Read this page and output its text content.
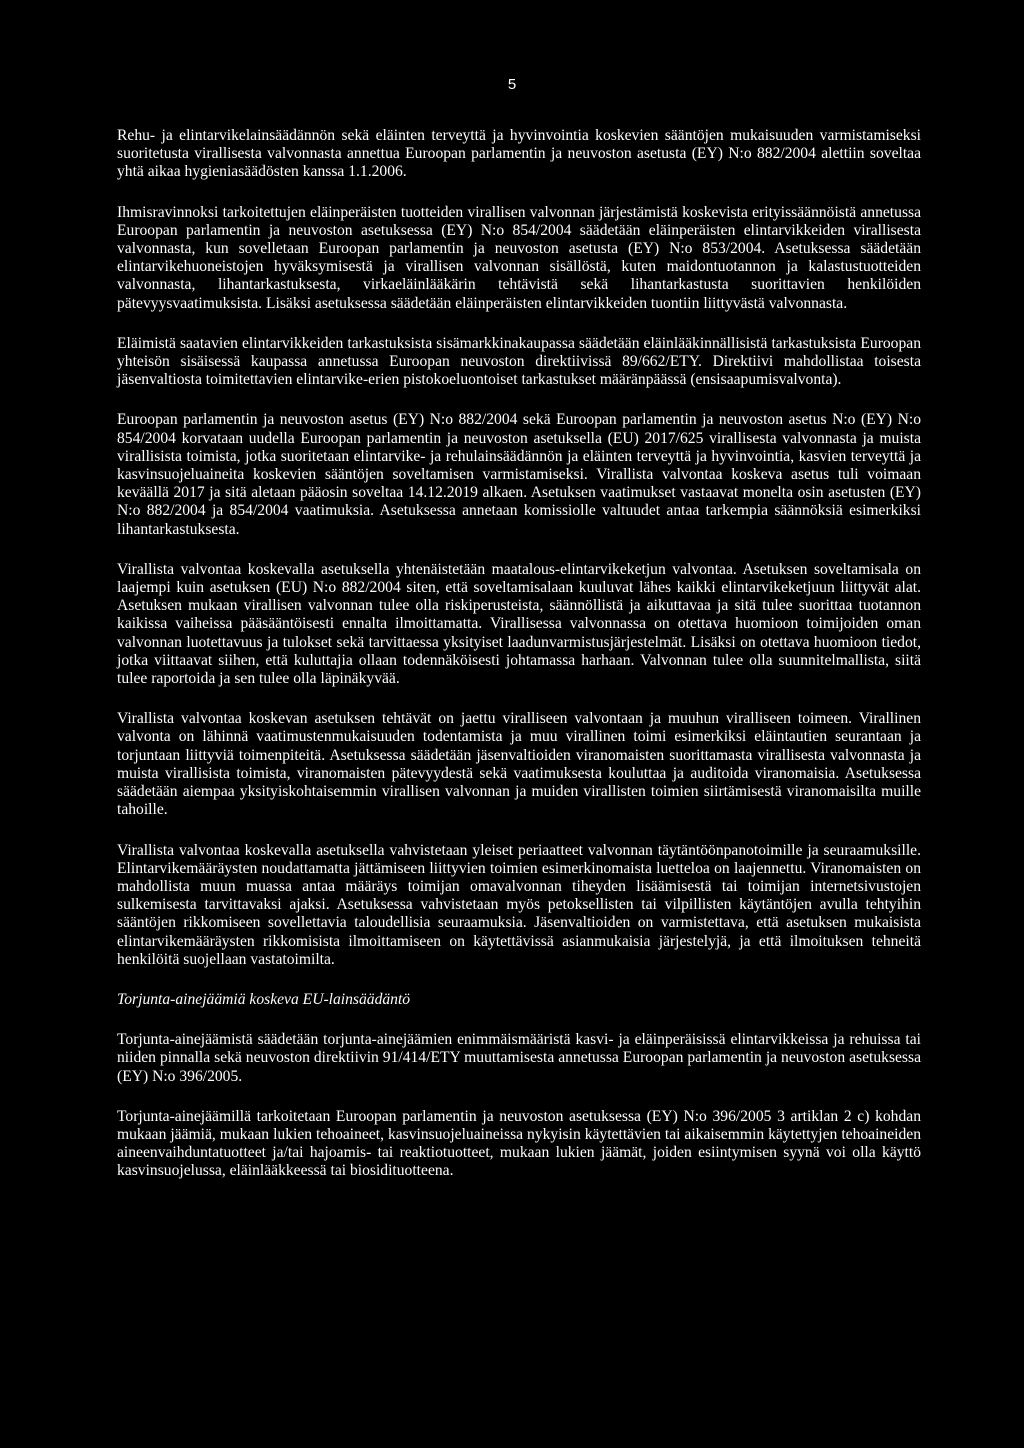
5

Rehu- ja elintarvikelainsäädännön sekä eläinten terveyttä ja hyvinvointia koskevien sääntöjen mukaisuuden varmistamiseksi suoritetusta virallisesta valvonnasta annettua Euroopan parlamentin ja neuvoston asetusta (EY) N:o 882/2004 alettiin soveltaa yhtä aikaa hygieniasäädösten kanssa 1.1.2006.

Ihmisravinnoksi tarkoitettujen eläinperäisten tuotteiden virallisen valvonnan järjestämistä koskevista erityissäännöistä annetussa Euroopan parlamentin ja neuvoston asetuksessa (EY) N:o 854/2004 säädetään eläinperäisten elintarvikkeiden virallisesta valvonnasta, kun sovelletaan Euroopan parlamentin ja neuvoston asetusta (EY) N:o 853/2004. Asetuksessa säädetään elintarvikehuoneistojen hyväksymisestä ja virallisen valvonnan sisällöstä, kuten maidontuotannon ja kalastustuotteiden valvonnasta, lihantarkastuksesta, virkaeläinlääkärin tehtävistä sekä lihantarkastusta suorittavien henkilöiden pätevyysvaatimuksista. Lisäksi asetuksessa säädetään eläinperäisten elintarvikkeiden tuontiin liittyvästä valvonnasta.

Eläimistä saatavien elintarvikkeiden tarkastuksista sisämarkkinakaupassa säädetään eläinlääkinnällisistä tarkastuksista Euroopan yhteisön sisäisessä kaupassa annetussa Euroopan neuvoston direktiivissä 89/662/ETY. Direktiivi mahdollistaa toisesta jäsenvaltiosta toimitettavien elintarvike-erien pistokoeluontoiset tarkastukset määränpäässä (ensisaapumisvalvonta).

Euroopan parlamentin ja neuvoston asetus (EY) N:o 882/2004 sekä Euroopan parlamentin ja neuvoston asetus N:o (EY) N:o 854/2004 korvataan uudella Euroopan parlamentin ja neuvoston asetuksella (EU) 2017/625 virallisesta valvonnasta ja muista virallisista toimista, jotka suoritetaan elintarvike- ja rehulainsäädännön ja eläinten terveyttä ja hyvinvointia, kasvien terveyttä ja kasvinsuojeluaineita koskevien sääntöjen soveltamisen varmistamiseksi. Virallista valvontaa koskeva asetus tuli voimaan keväällä 2017 ja sitä aletaan pääosin soveltaa 14.12.2019 alkaen. Asetuksen vaatimukset vastaavat monelta osin asetusten (EY) N:o 882/2004 ja 854/2004 vaatimuksia. Asetuksessa annetaan komissiolle valtuudet antaa tarkempia säännöksiä esimerkiksi lihantarkastuksesta.

Virallista valvontaa koskevalla asetuksella yhtenäistetään maatalous-elintarvikeketjun valvontaa. Asetuksen soveltamisala on laajempi kuin asetuksen (EU) N:o 882/2004 siten, että soveltamisalaan kuuluvat lähes kaikki elintarvikeketjuun liittyvät alat. Asetuksen mukaan virallisen valvonnan tulee olla riskiperusteista, säännöllistä ja aikuttavaa ja sitä tulee suorittaa tuotannon kaikissa vaiheissa pääsääntöisesti ennalta ilmoittamatta. Virallisessa valvonnassa on otettava huomioon toimijoiden oman valvonnan luotettavuus ja tulokset sekä tarvittaessa yksityiset laadunvarmistusjärjestelmät. Lisäksi on otettava huomioon tiedot, jotka viittaavat siihen, että kuluttajia ollaan todennäköisesti johtamassa harhaan. Valvonnan tulee olla suunnitelmallista, siitä tulee raportoida ja sen tulee olla läpinäkyvää.

Virallista valvontaa koskevan asetuksen tehtävät on jaettu viralliseen valvontaan ja muuhun viralliseen toimeen. Virallinen valvonta on lähinnä vaatimustenmukaisuuden todentamista ja muu virallinen toimi esimerkiksi eläintautien seurantaan ja torjuntaan liittyviä toimenpiteitä. Asetuksessa säädetään jäsenvaltioiden viranomaisten suorittamasta virallisesta valvonnasta ja muista virallisista toimista, viranomaisten pätevyydestä sekä vaatimuksesta kouluttaa ja auditoida viranomaisia. Asetuksessa säädetään aiempaa yksityiskohtaisemmin virallisen valvonnan ja muiden virallisten toimien siirtämisestä viranomaisilta muille tahoille.

Virallista valvontaa koskevalla asetuksella vahvistetaan yleiset periaatteet valvonnan täytäntöönpanotoimille ja seuraamuksille. Elintarvikemääräysten noudattamatta jättämiseen liittyvien toimien esimerkinomaista luetteloa on laajennettu. Viranomaisten on mahdollista muun muassa antaa määräys toimijan omavalvonnan tiheyden lisäämisestä tai toimijan internetsivustojen sulkemisesta tarvittavaksi ajaksi. Asetuksessa vahvistetaan myös petoksellisten tai vilpillisten käytäntöjen avulla tehtyihin sääntöjen rikkomiseen sovellettavia taloudellisia seuraamuksia. Jäsenvaltioiden on varmistettava, että asetuksen mukaisista elintarvikemääräysten rikkomisista ilmoittamiseen on käytettävissä asianmukaisia järjestelyjä, ja että ilmoituksen tehneitä henkilöitä suojellaan vastatoimilta.

Torjunta-ainejäämiä koskeva EU-lainsäädäntö

Torjunta-ainejäämistä säädetään torjunta-ainejäämien enimmäismääristä kasvi- ja eläinperäisissä elintarvikkeissa ja rehuissa tai niiden pinnalla sekä neuvoston direktiivin 91/414/ETY muuttamisesta annetussa Euroopan parlamentin ja neuvoston asetuksessa (EY) N:o 396/2005.

Torjunta-ainejäämillä tarkoitetaan Euroopan parlamentin ja neuvoston asetuksessa (EY) N:o 396/2005 3 artiklan 2 c) kohdan mukaan jäämiä, mukaan lukien tehoaineet, kasvinsuojeluaineissa nykyisin käytettävien tai aikaisemmin käytettyjen tehoaineiden aineenvaihduntatuotteet ja/tai hajoamis- tai reaktiotuotteet, mukaan lukien jäämät, joiden esiintymisen syynä voi olla käyttö kasvinsuojelussa, eläinlääkkeessä tai biosidituotteena.
